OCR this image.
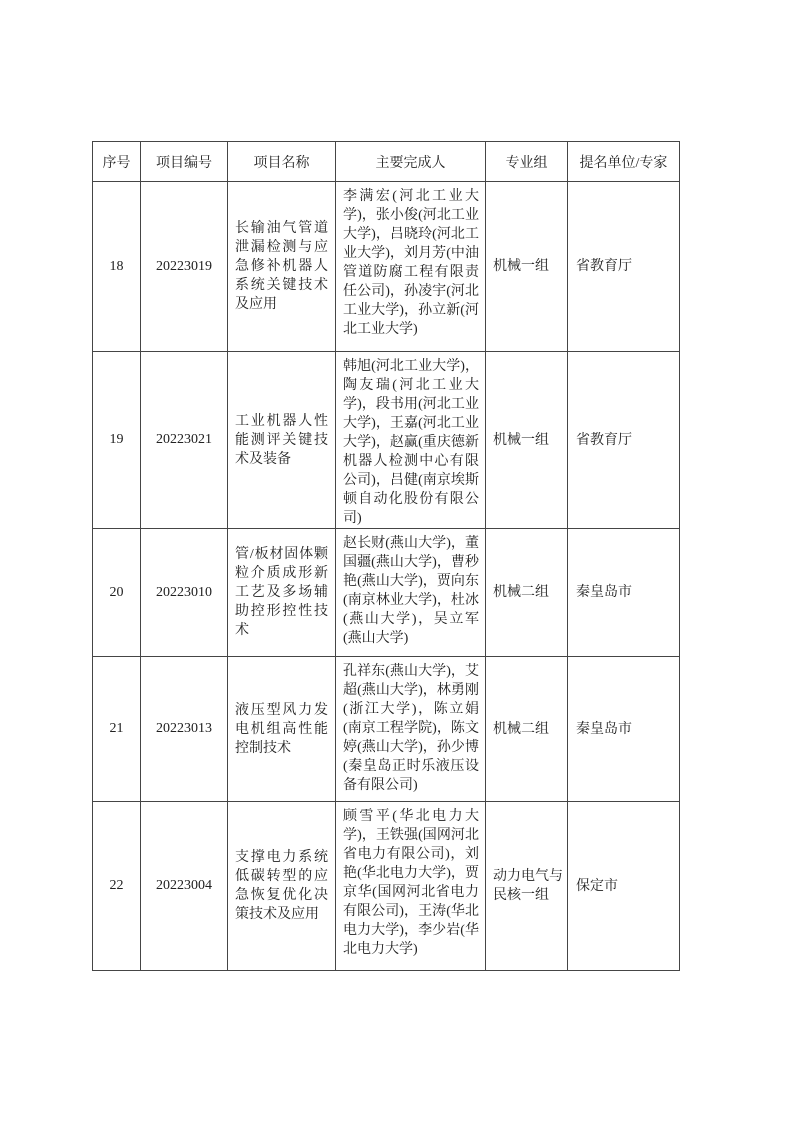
序号	项目编号	项目名称	主要完成人	专业组	提名单位/专家
18	20223019	长输油气管道泄漏检测与应急修补机器人系统关键技术及应用	李满宏(河北工业大学)，张小俊(河北工业大学)，吕晓玲(河北工业大学)，刘月芳(中油管道防腐工程有限责任公司)，孙凌宇(河北工业大学)，孙立新(河北工业大学)	机械一组	省教育厅
19	20223021	工业机器人性能测评关键技术及装备	韩旭(河北工业大学)，陶友瑞(河北工业大学)，段书用(河北工业大学)，王嘉(河北工业大学)，赵赢(重庆德新机器人检测中心有限公司)，吕健(南京埃斯顿自动化股份有限公司)	机械一组	省教育厅
20	20223010	管/板材固体颗粒介质成形新工艺及多场辅助控形控性技术	赵长财(燕山大学)，董国疆(燕山大学)，曹秒艳(燕山大学)，贾向东(南京林业大学)，杜冰(燕山大学)，吴立军(燕山大学)	机械二组	秦皇岛市
21	20223013	液压型风力发电机组高性能控制技术	孔祥东(燕山大学)，艾超(燕山大学)，林勇刚(浙江大学)，陈立娟(南京工程学院)，陈文婷(燕山大学)，孙少博(秦皇岛正时乐液压设备有限公司)	机械二组	秦皇岛市
22	20223004	支撑电力系统低碳转型的应急恢复优化决策技术及应用	顾雪平(华北电力大学)，王铁强(国网河北省电力有限公司)，刘艳(华北电力大学)，贾京华(国网河北省电力有限公司)，王涛(华北电力大学)，李少岩(华北电力大学)	动力电气与民核一组	保定市
